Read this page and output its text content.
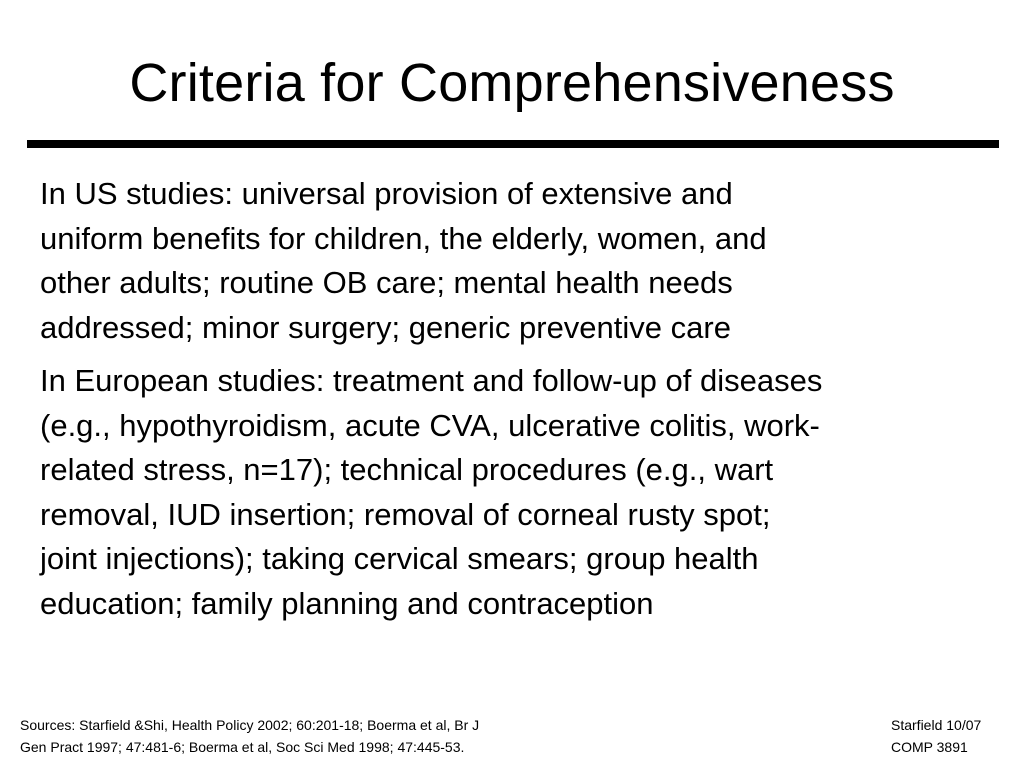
Criteria for Comprehensiveness

In US studies: universal provision of extensive and
uniform benefits for children, the elderly, women, and
other adults; routine OB care; mental health needs
addressed; minor surgery; generic preventive care

In European studies: treatment and follow-up of diseases
(e.g., hypothyroidism, acute CVA, ulcerative colitis, work-
related stress, n=17); technical procedures (e.g., wart
removal, IUD insertion; removal of corneal rusty spot;
joint injections); taking cervical smears; group health
education; family planning and contraception

Sources: Starfield &Shi, Health Policy 2002; 60:201-18; Boerma et al, Br J
Gen Pract 1997; 47:481-6; Boerma et al, Soc Sci Med 1998; 47:445-53.

Starfield 10/07
COMP 3891
